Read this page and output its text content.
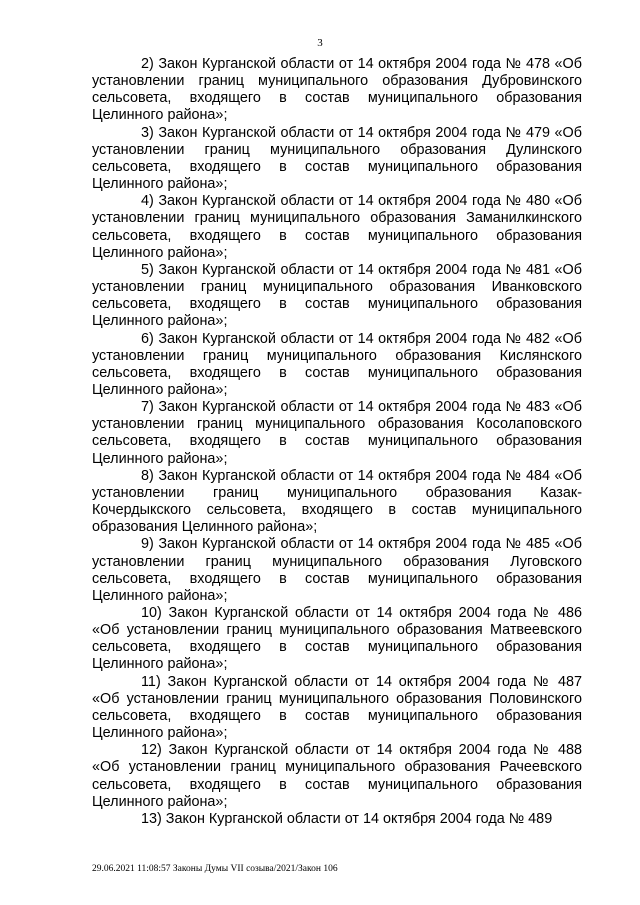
3

2) Закон Курганской области от 14 октября 2004 года № 478 «Об установлении границ муниципального образования Дубровинского сельсовета, входящего в состав муниципального образования Целинного района»;

3) Закон Курганской области от 14 октября 2004 года № 479 «Об установлении границ муниципального образования Дулинского сельсовета, входящего в состав муниципального образования Целинного района»;

4) Закон Курганской области от 14 октября 2004 года № 480 «Об установлении границ муниципального образования Заманилкинского сельсовета, входящего в состав муниципального образования Целинного района»;

5) Закон Курганской области от 14 октября 2004 года № 481 «Об установлении границ муниципального образования Иванковского сельсовета, входящего в состав муниципального образования Целинного района»;

6) Закон Курганской области от 14 октября 2004 года № 482 «Об установлении границ муниципального образования Кислянского сельсовета, входящего в состав муниципального образования Целинного района»;

7) Закон Курганской области от 14 октября 2004 года № 483 «Об установлении границ муниципального образования Косолаповского сельсовета, входящего в состав муниципального образования Целинного района»;

8) Закон Курганской области от 14 октября 2004 года № 484 «Об установлении границ муниципального образования Казак-Кочердыкского сельсовета, входящего в состав муниципального образования Целинного района»;

9) Закон Курганской области от 14 октября 2004 года № 485 «Об установлении границ муниципального образования Луговского сельсовета, входящего в состав муниципального образования Целинного района»;

10) Закон Курганской области от 14 октября 2004 года № 486 «Об установлении границ муниципального образования Матвеевского сельсовета, входящего в состав муниципального образования Целинного района»;

11) Закон Курганской области от 14 октября 2004 года № 487 «Об установлении границ муниципального образования Половинского сельсовета, входящего в состав муниципального образования Целинного района»;

12) Закон Курганской области от 14 октября 2004 года № 488 «Об установлении границ муниципального образования Рачеевского сельсовета, входящего в состав муниципального образования Целинного района»;

13) Закон Курганской области от 14 октября 2004 года № 489

29.06.2021 11:08:57 Законы Думы VII созыва/2021/Закон 106
